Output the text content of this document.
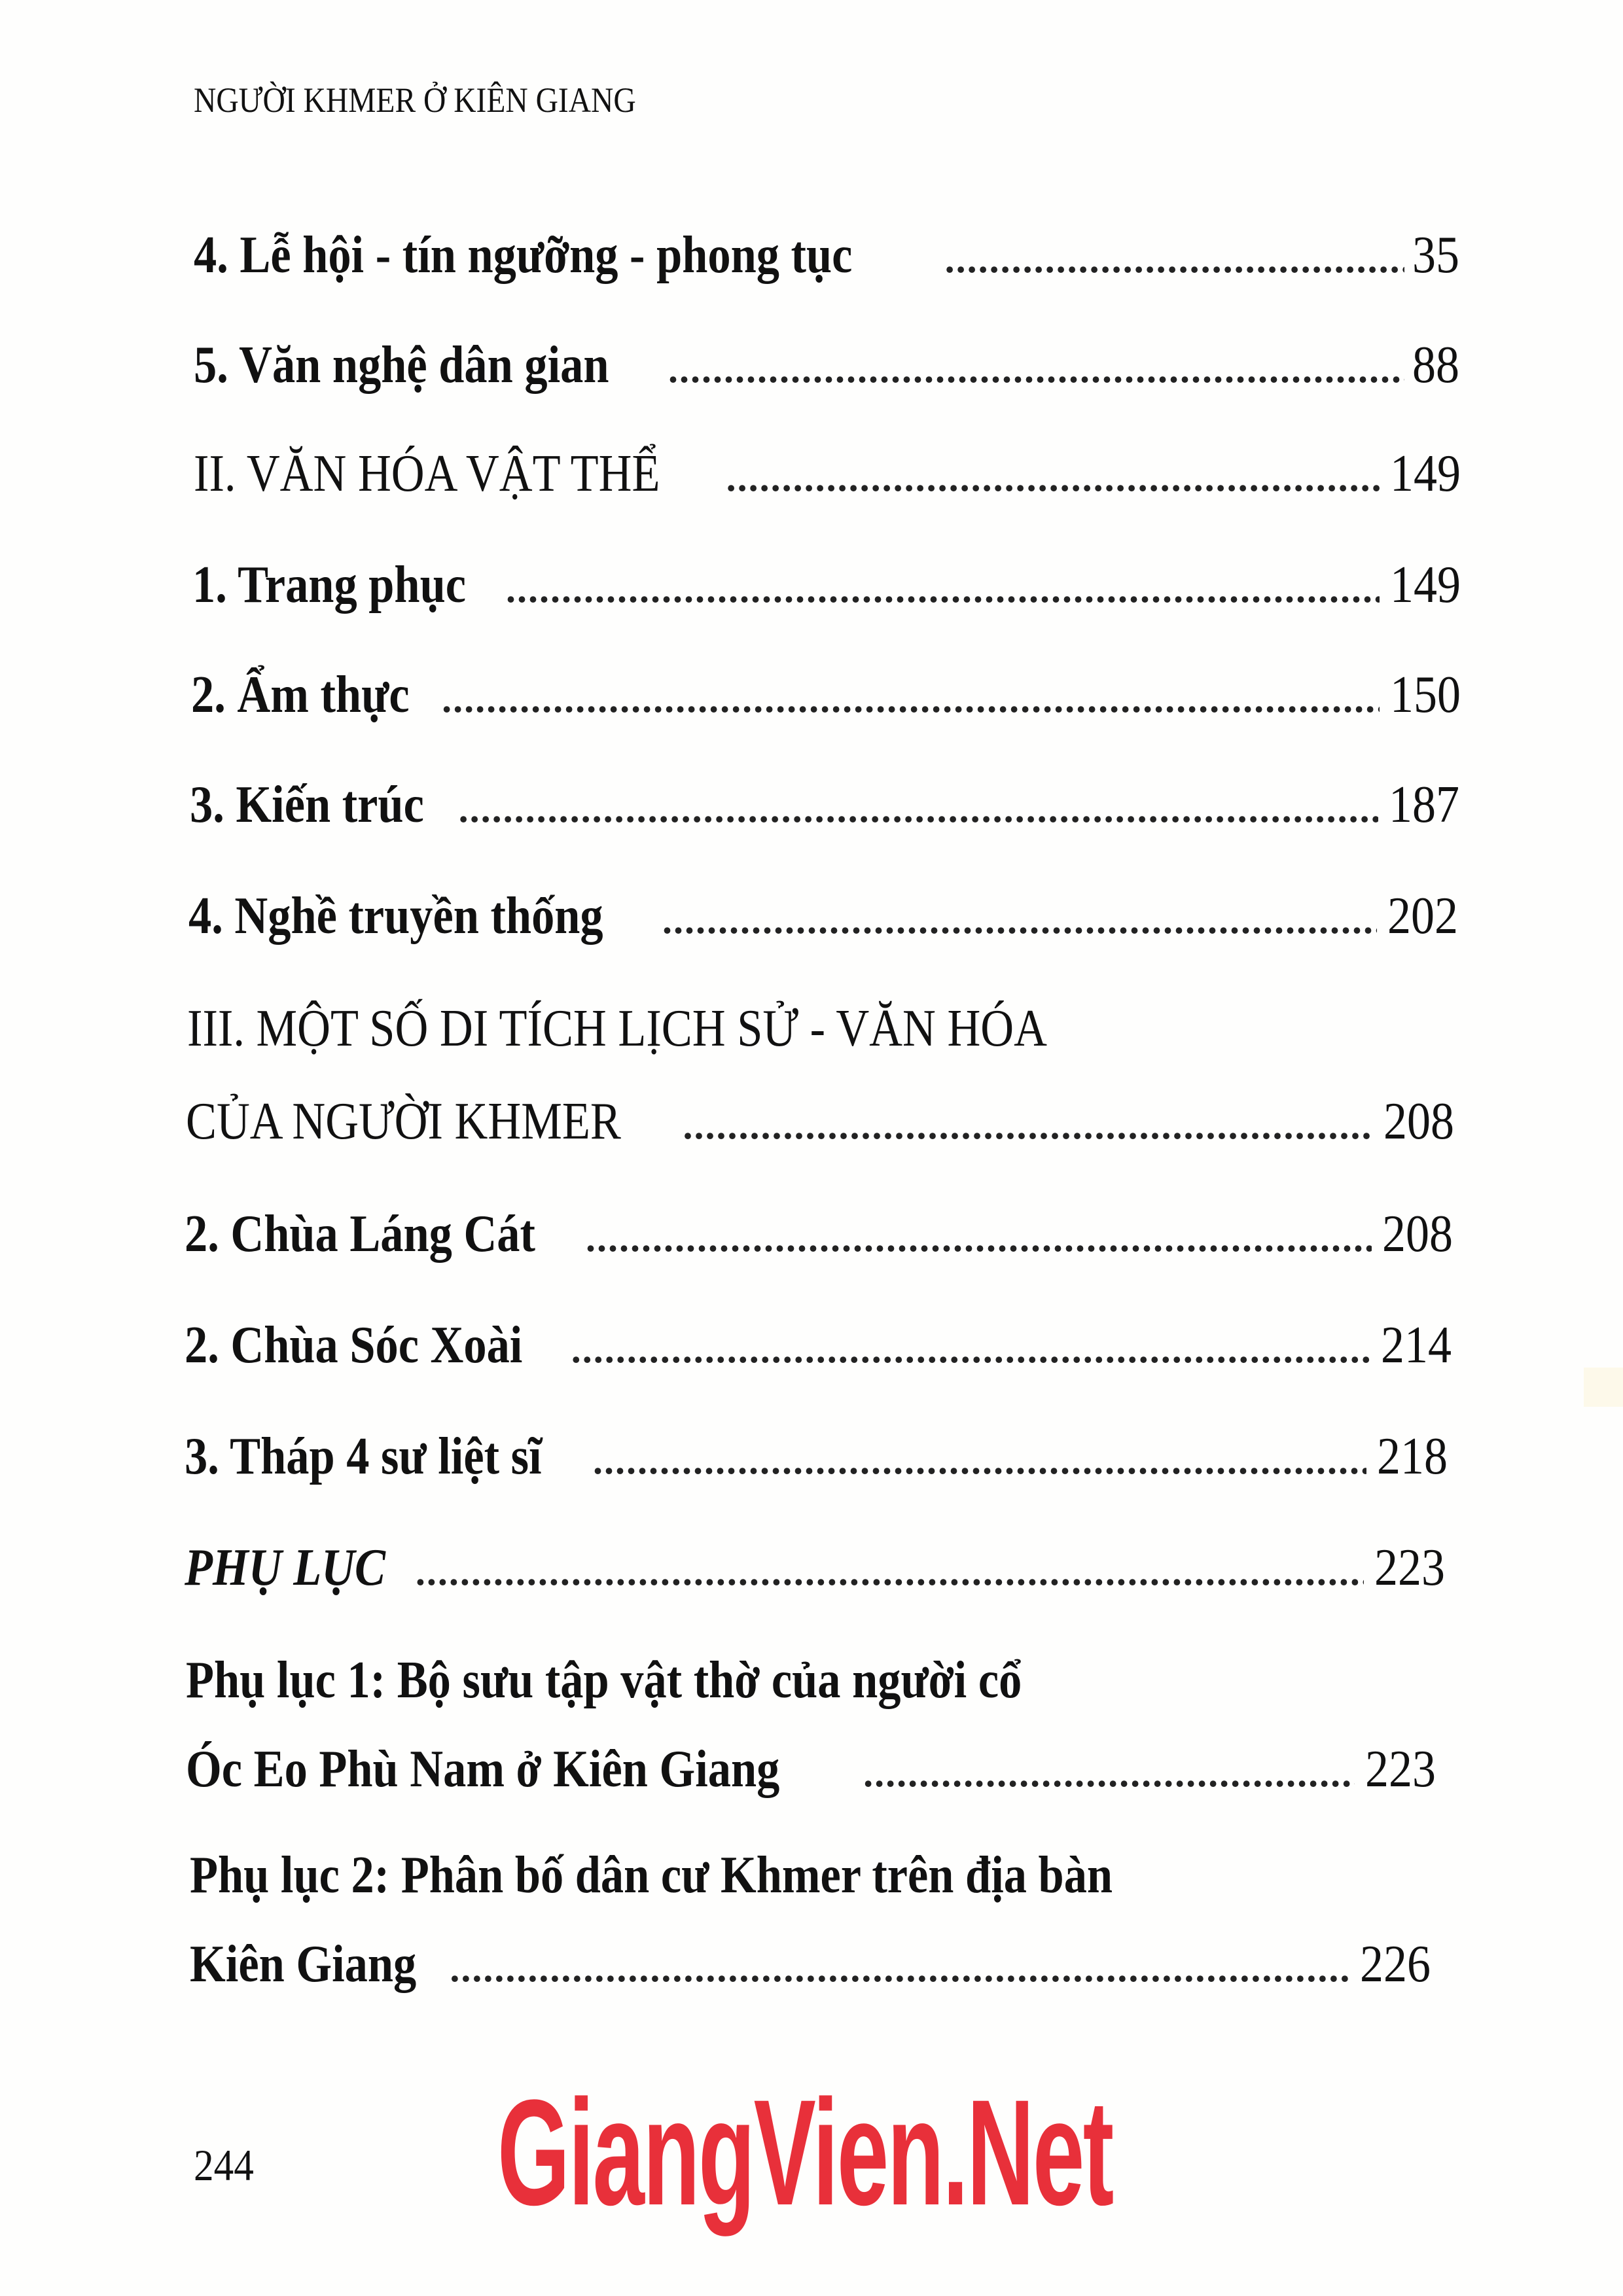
NGƯỜI KHMER Ở KIÊN GIANG
4. Lễ hội - tín ngưỡng - phong tục .....	35
5. Văn nghệ dân gian .....	88
II. VĂN HÓA VẬT THỂ .....	149
1. Trang phục .....	149
2. Ẩm thực .....	150
3. Kiến trúc .....	187
4. Nghề truyền thống .....	202
III. MỘT SỐ DI TÍCH LỊCH SỬ - VĂN HÓA
CỦA NGƯỜI KHMER .....	208
2. Chùa Láng Cát .....	208
2. Chùa Sóc Xoài .....	214
3. Tháp 4 sư liệt sĩ .....	218
PHỤ LỤC .....	223
Phụ lục 1: Bộ sưu tập vật thờ của người cổ
Óc Eo Phù Nam ở Kiên Giang .....	223
Phụ lục 2: Phân bố dân cư Khmer trên địa bàn
Kiên Giang .....	226
244 GiangVien.Net
